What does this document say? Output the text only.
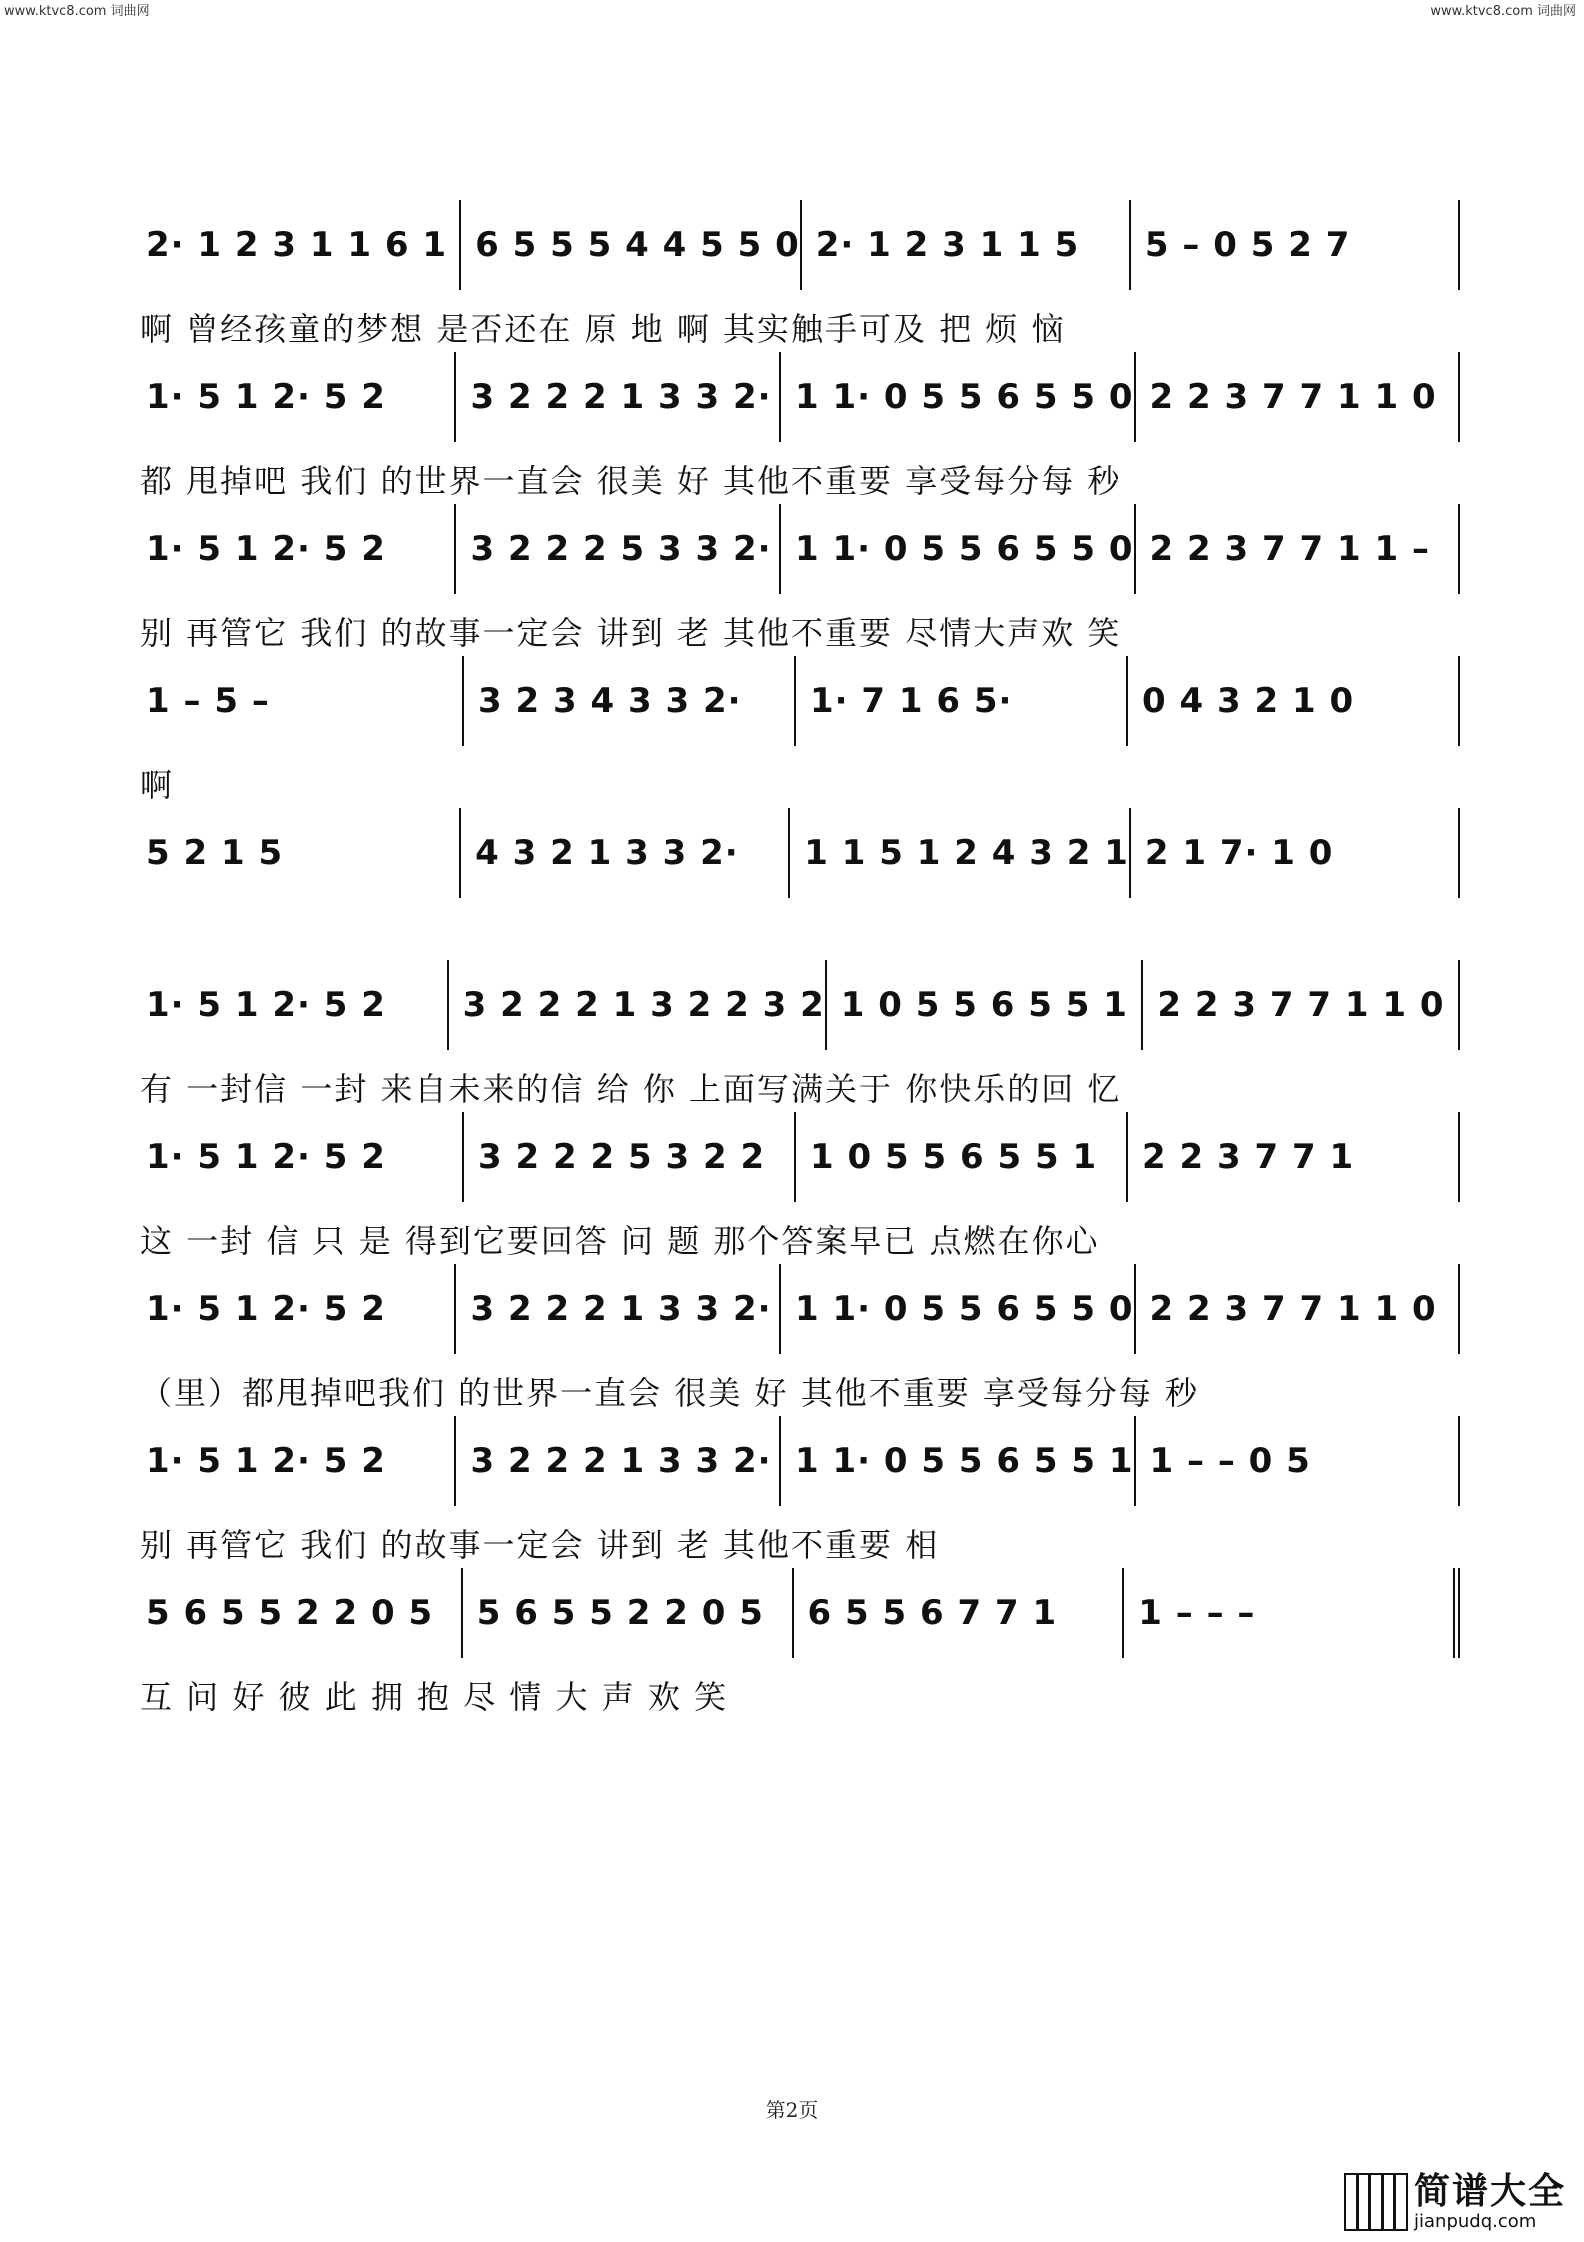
www.ktvc8.com 词曲网	www.ktvc8.com 词曲网
2· 1 2 3 1 1 6 1 6 5 5 5 4 4 5 5 0 2· 1 2 3 1 1 5	5 – 0 5 2 7
啊 曾经孩童的梦想 是否还在 原 地 啊 其实触手可及 把 烦 恼
1· 5 1 2· 5 2	3 2 2 2 1 3 3 2· 1 1· 0 5 5 6 5 5 0 2 2 3 7 7 1 1 0
都 甩掉吧 我们 的世界一直会 很美 好 其他不重要 享受每分每 秒
1· 5 1 2· 5 2	3 2 2 2 5 3 3 2· 1 1· 0 5 5 6 5 5 0 2 2 3 7 7 1 1 –
别 再管它 我们 的故事一定会 讲到 老 其他不重要 尽情大声欢 笑
1 – 5 –	3 2 3 4 3 3 2·	1· 7 1 6 5·	0 4 3 2 1 0
啊
5 2 1 5	4 3 2 1 3 3 2·	1 1 5 1 2 4 3 2 1 2 1 7· 1 0
1· 5 1 2· 5 2	3 2 2 2 1 3 2 2 3 2 1 0 5 5 6 5 5 1 2 2 3 7 7 1 1 0
有 一封信 一封 来自未来的信 给 你 上面写满关于 你快乐的回 忆
1· 5 1 2· 5 2	3 2 2 2 5 3 2 2	1 0 5 5 6 5 5 1	2 2 3 7 7 1
这 一封 信 只 是 得到它要回答 问 题 那个答案早已 点燃在你心
1· 5 1 2· 5 2	3 2 2 2 1 3 3 2· 1 1· 0 5 5 6 5 5 0 2 2 3 7 7 1 1 0
（里）都甩掉吧我们 的世界一直会 很美 好 其他不重要 享受每分每 秒
1· 5 1 2· 5 2	3 2 2 2 1 3 3 2· 1 1· 0 5 5 6 5 5 1 1 – – 0 5
别 再管它 我们 的故事一定会 讲到 老 其他不重要 相
5 6 5 5 2 2 0 5	5 6 5 5 2 2 0 5	6 5 5 6 7 7 1	1 – – –
互 问 好 彼 此 拥 抱 尽 情 大 声 欢 笑
第2页
简谱大全
jianpudq.com
